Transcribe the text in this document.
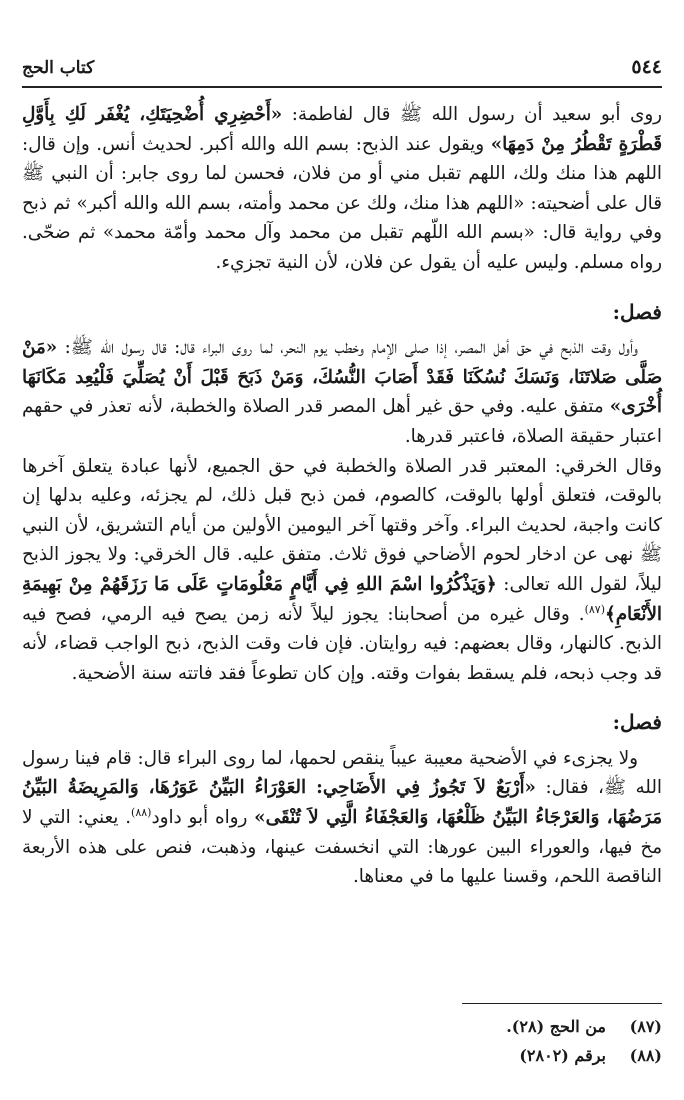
٥٤٤
كتاب الحج

روى أبو سعيد أن رسول الله ﷺ قال لفاطمة: «أَحْضِرِي أُضْحِيَتَكِ، يُغْفَر لَكِ بِأَوَّلِ قَطْرَةٍ تَقْطُرُ مِنْ دَمِهَا» ويقول عند الذبح: بسم الله والله أكبر. لحديث أنس. وإن قال: اللهم هذا منك ولك، اللهم تقبل مني أو من فلان، فحسن لما روى جابر: أن النبي ﷺ قال على أضحيته: «اللهم هذا منك، ولك عن محمد وأمته، بسم الله والله أكبر» ثم ذبح وفي رواية قال: «بسم الله اللّهم تقبل من محمد وآل محمد وأمّة محمد» ثم ضحّى. رواه مسلم. وليس عليه أن يقول عن فلان، لأن النية تجزيء.

فصل:

وأول وقت الذبح في حق أهل المصر، إذا صلى الإمام وخطب يوم النحر، لما روى البراء قال: قال رسول الله ﷺ: «مَنْ صَلَّى صَلاتَنَا، وَنَسَكَ نُسُكَنَا فَقَدْ أَصَابَ النُّسُكَ، وَمَنْ ذَبَحَ قَبْلَ أَنْ يُصَلِّيَ فَلْيُعِد مَكَانَهَا أُخْرَى» متفق عليه. وفي حق غير أهل المصر قدر الصلاة والخطبة، لأنه تعذر في حقهم اعتبار حقيقة الصلاة، فاعتبر قدرها.

وقال الخرقي: المعتبر قدر الصلاة والخطبة في حق الجميع، لأنها عبادة يتعلق آخرها بالوقت، فتعلق أولها بالوقت، كالصوم، فمن ذبح قبل ذلك، لم يجزئه، وعليه بدلها إن كانت واجبة، لحديث البراء. وآخر وقتها آخر اليومين الأولين من أيام التشريق، لأن النبي ﷺ نهى عن ادخار لحوم الأضاحي فوق ثلاث. متفق عليه. قال الخرقي: ولا يجوز الذبح ليلاً، لقول الله تعالى: ﴿وَيَذْكُرُوا اسْمَ اللهِ فِي أَيَّامٍ مَعْلُومَاتٍ عَلَى مَا رَزَقَهُمْ مِنْ بَهِيمَةِ الأَنْعَامِ﴾$^{(٨٧)}$. وقال غيره من أصحابنا: يجوز ليلاً لأنه زمن يصح فيه الرمي، فصح فيه الذبح. كالنهار، وقال بعضهم: فيه روايتان. فإن فات وقت الذبح، ذبح الواجب قضاء، لأنه قد وجب ذبحه، فلم يسقط بفوات وقته. وإن كان تطوعاً فقد فاتته سنة الأضحية.

فصل:

ولا يجزىء في الأضحية معيبة عيباً ينقص لحمها، لما روى البراء قال: قام فينا رسول الله ﷺ، فقال: «أَرْبَعٌ لاَ تَجُوزُ فِي الأَضَاحِي: العَوْرَاءُ البَيِّنُ عَوَرُهَا، وَالمَرِيضَةُ البَيِّنُ مَرَضُهَا، وَالعَرْجَاءُ البَيِّنُ ظَلْعُهَا، وَالعَجْفَاءُ الَّتِي لاَ تُنْقَى» رواه أبو داود$^{(٨٨)}$. يعني: التي لا مخ فيها، والعوراء البين عورها: التي انخسفت عينها، وذهبت، فنص على هذه الأربعة الناقصة اللحم، وقسنا عليها ما في معناها.

(٨٧)من الحج (٢٨).
(٨٨)برقم (٢٨٠٢)
